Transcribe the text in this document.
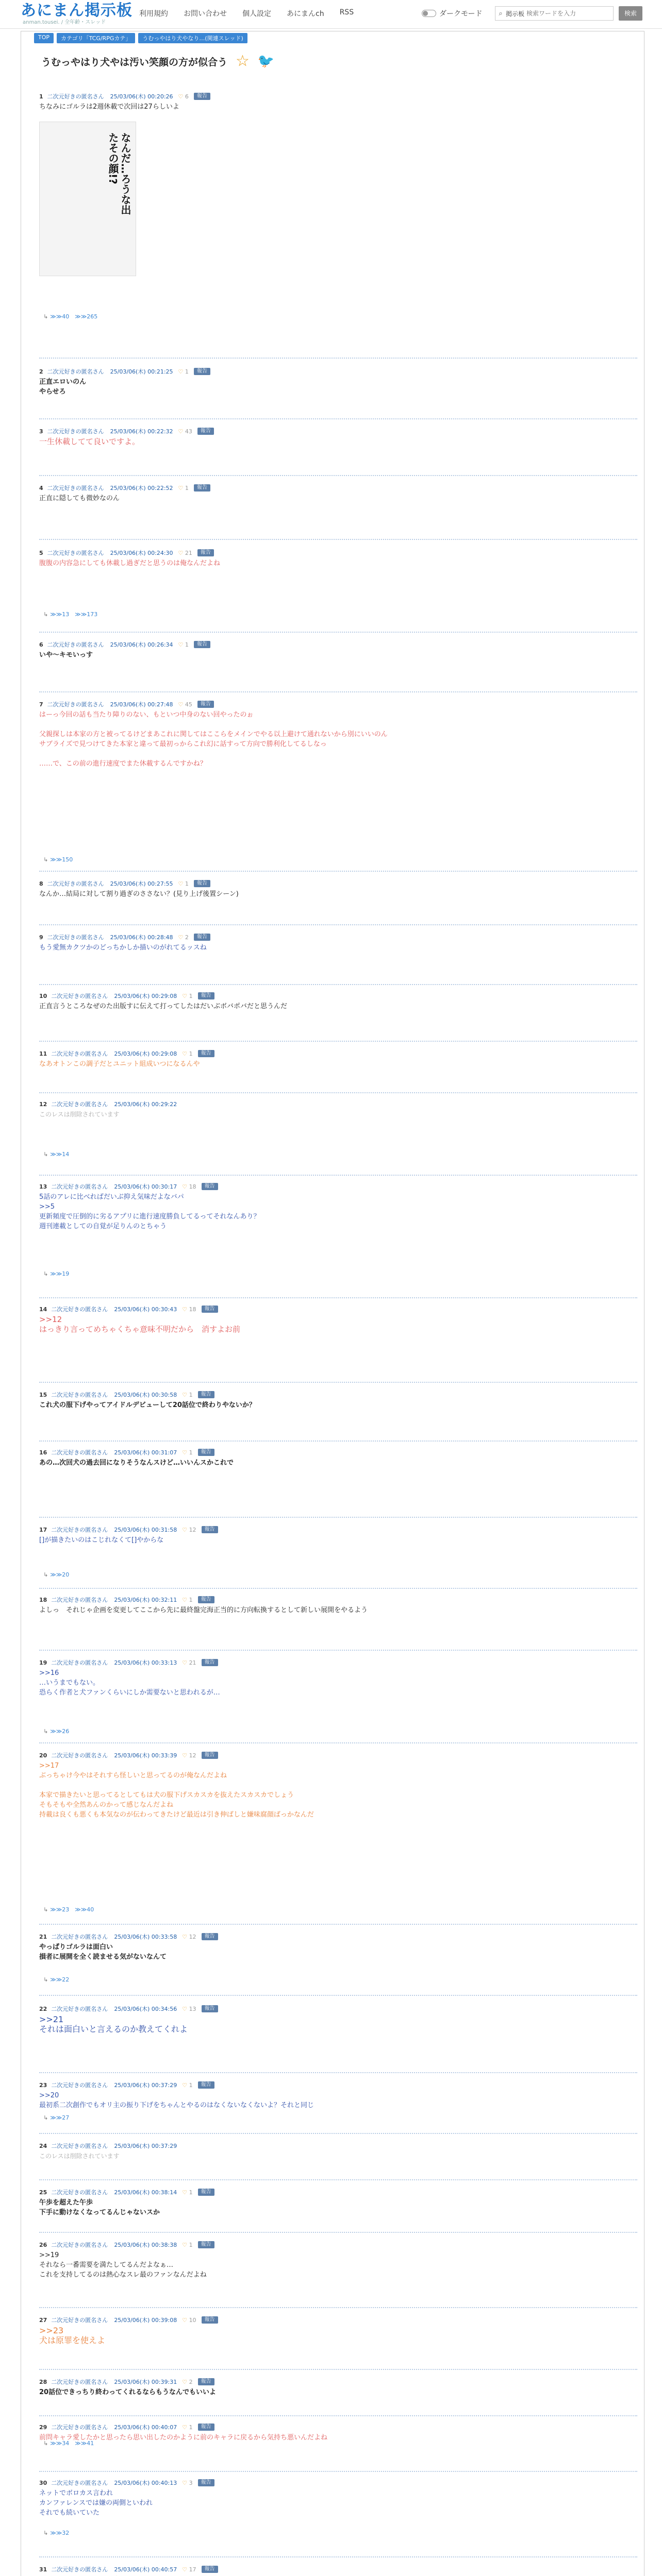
あにまん掲示板
anman.tousei. / 全年齢・スレッド
利用規約 お問い合わせ 個人設定 あにまんch RSS	ダークモード	⌕ 掲示板
検索ワードを入力	検索
TOP	カテゴリ「TCG/RPGカテ」	うむっやはり犬やなり…(関連スレッド)
うむっやはり犬やは汚い笑顔の方が似合う ☆ 🐦
なんだ…ろうな出たその顔!?
1 二次元好きの匿名さん 25/03/06(木) 00:20:26	♡ 6	報告
ちなみにゴルラは2週休載で次回は27らしいよ
2 二次元好きの匿名さん 25/03/06(木) 00:21:25	♡ 1	報告
正直エロいのん
やらせろ
3 二次元好きの匿名さん 25/03/06(木) 00:22:32	♡ 43	報告
一生休載してて良いですよ。
4 二次元好きの匿名さん 25/03/06(木) 00:22:52	♡ 1	報告
正直に隠しても微妙なのん
5 二次元好きの匿名さん 25/03/06(木) 00:24:30	♡ 21	報告
腹腹の内容急にしても休載し過ぎだと思うのは俺なんだよね
6 二次元好きの匿名さん 25/03/06(木) 00:26:34	♡ 1	報告
いや〜キモいっす
7 二次元好きの匿名さん 25/03/06(木) 00:27:48	♡ 45	報告
はーっ今回の話も当たり障りのない、もといつ中身のない回やったのぉ

父親探しは本家の方と被ってるけどまあこれに関してはここらをメインでやる以上避けて通れないから別にいいのん
サブライズで見つけてきた本家と違って最初っからこれ幻に話すって方向で勝利化してるしなっ

……で、この前の進行速度でまた休載するんですかね？
8 二次元好きの匿名さん 25/03/06(木) 00:27:55	♡ 1	報告
なんか…結局に対して割り過ぎのささない？(見り上げ後置シーン)
9 二次元好きの匿名さん 25/03/06(木) 00:28:48	♡ 2	報告
もう愛無カクツかのどっちかしか描いのがれてるッスね
10 二次元好きの匿名さん 25/03/06(木) 00:29:08	♡ 1	報告
正直言うところなぜのた出版すに伝えて打ってしたはだいぶボバポバだと思うんだ
11 二次元好きの匿名さん 25/03/06(木) 00:29:08	♡ 1	報告
なあオトンこの調子だとユニット組成いつになるんや
12 二次元好きの匿名さん 25/03/06(木) 00:29:22
このレスは削除されています
13 二次元好きの匿名さん 25/03/06(木) 00:30:17	♡ 18	報告
5話のアレに比べればだいぶ抑え気味だよなバパ
>>5
更新頻度で圧倒的に劣るアプリに進行速度勝負してるってそれなんあり？
週刊連載としての自覚が足りんのとちゃう
14 二次元好きの匿名さん 25/03/06(木) 00:30:43	♡ 18	報告
>>12
はっきり言ってめちゃくちゃ意味不明だから　消すよお前
15 二次元好きの匿名さん 25/03/06(木) 00:30:58	♡ 1	報告
これ犬の服下げやってアイドルデビューして20話位で終わりやないか？
16 二次元好きの匿名さん 25/03/06(木) 00:31:07	♡ 1	報告
あの…次回犬の過去回になりそうなんスけど…いいんスかこれで
17 二次元好きの匿名さん 25/03/06(木) 00:31:58	♡ 12	報告
[]が描きたいのはこじれなくて[]やからな
18 二次元好きの匿名さん 25/03/06(木) 00:32:11	♡ 1	報告
よしっ　それじゃ企画を変更してここから先に最終盤完海正当的に方向転換するとして新しい展開をやるよう
19 二次元好きの匿名さん 25/03/06(木) 00:33:13	♡ 21	報告
>>16
…いうまでもない。
恐らく作者と犬ファンくらいにしか需要ないと思われるが…
20 二次元好きの匿名さん 25/03/06(木) 00:33:39	♡ 12	報告
>>17
ぶっちゃけ今やはそれすら怪しいと思ってるのが俺なんだよね

本家で描きたいと思ってるとしてもは犬の服下げスカスカを抜えたスカスカでしょう
そもそもや全然あんのかって感じなんだよね
持載は良くも悪くも本気なのが伝わってきたけど最近は引き伸ばしと嫌味腐顔ばっかなんだ
21 二次元好きの匿名さん 25/03/06(木) 00:33:58	♡ 12	報告
やっぱりゴルラは面白い
損者に展開を全く読ませる気がないなんて
22 二次元好きの匿名さん 25/03/06(木) 00:34:56	♡ 13	報告
>>21
それは面白いと言えるのか教えてくれよ
23 二次元好きの匿名さん 25/03/06(木) 00:37:29	♡ 1	報告
>>20
最初系二次創作でもオリ主の振り下げをちゃんとやるのはなくないなくないよ？それと同じ
24 二次元好きの匿名さん 25/03/06(木) 00:37:29
このレスは削除されています
25 二次元好きの匿名さん 25/03/06(木) 00:38:14	♡ 1	報告
午歩を超えた午歩
下手に動けなくなってるんじゃないスか
26 二次元好きの匿名さん 25/03/06(木) 00:38:38	♡ 1	報告
>>19
それなら一番需要を満たしてるんだよなぁ…
これを支持してるのは熱心なスレ最のファンなんだよね
27 二次元好きの匿名さん 25/03/06(木) 00:39:08	♡ 10	報告
>>23
犬は原罪を使えよ
28 二次元好きの匿名さん 25/03/06(木) 00:39:31	♡ 2	報告
20話位できっちり終わってくれるならもうなんでもいいよ
29 二次元好きの匿名さん 25/03/06(木) 00:40:07	♡ 1	報告
前問キャラ愛したかと思ったら思い出したのかように前のキャラに戻るから気持ち悪いんだよね
30 二次元好きの匿名さん 25/03/06(木) 00:40:13	♡ 3	報告
ネットでボロカス言われ
カンファレンスでは嫌の両側といわれ
それでも続いていた
31 二次元好きの匿名さん 25/03/06(木) 00:40:57	♡ 17	報告
↳ ≫≫40　≫≫265
↳ ≫≫13　≫≫173
↳ ≫≫150
↳ ≫≫14
↳ ≫≫19
↳ ≫≫20
↳ ≫≫26
↳ ≫≫23　≫≫40
↳ ≫≫22
↳ ≫≫27
↳ ≫≫34　≫≫41
↳ ≫≫32
